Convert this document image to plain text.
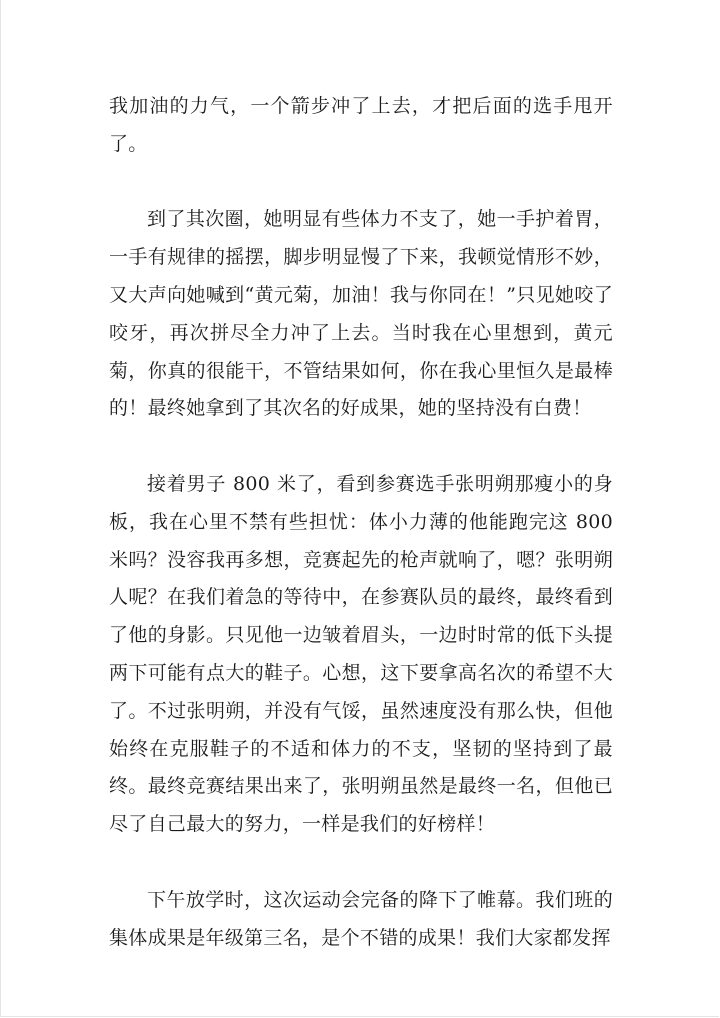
我加油的力气，一个箭步冲了上去，才把后面的选手甩开了。

到了其次圈，她明显有些体力不支了，她一手护着胃，一手有规律的摇摆，脚步明显慢了下来，我顿觉情形不妙，又大声向她喊到“黄元菊，加油！我与你同在！”只见她咬了咬牙，再次拼尽全力冲了上去。当时我在心里想到，黄元菊，你真的很能干，不管结果如何，你在我心里恒久是最棒的！最终她拿到了其次名的好成果，她的坚持没有白费！

接着男子 800 米了，看到参赛选手张明朔那瘦小的身板，我在心里不禁有些担忧：体小力薄的他能跑完这 800 米吗？没容我再多想，竞赛起先的枪声就响了，嗯？张明朔人呢？在我们着急的等待中，在参赛队员的最终，最终看到了他的身影。只见他一边皱着眉头，一边时时常的低下头提两下可能有点大的鞋子。心想，这下要拿高名次的希望不大了。不过张明朔，并没有气馁，虽然速度没有那么快，但他始终在克服鞋子的不适和体力的不支，坚韧的坚持到了最终。最终竞赛结果出来了，张明朔虽然是最终一名，但他已尽了自己最大的努力，一样是我们的好榜样！

下午放学时，这次运动会完备的降下了帷幕。我们班的集体成果是年级第三名，是个不错的成果！我们大家都发挥
